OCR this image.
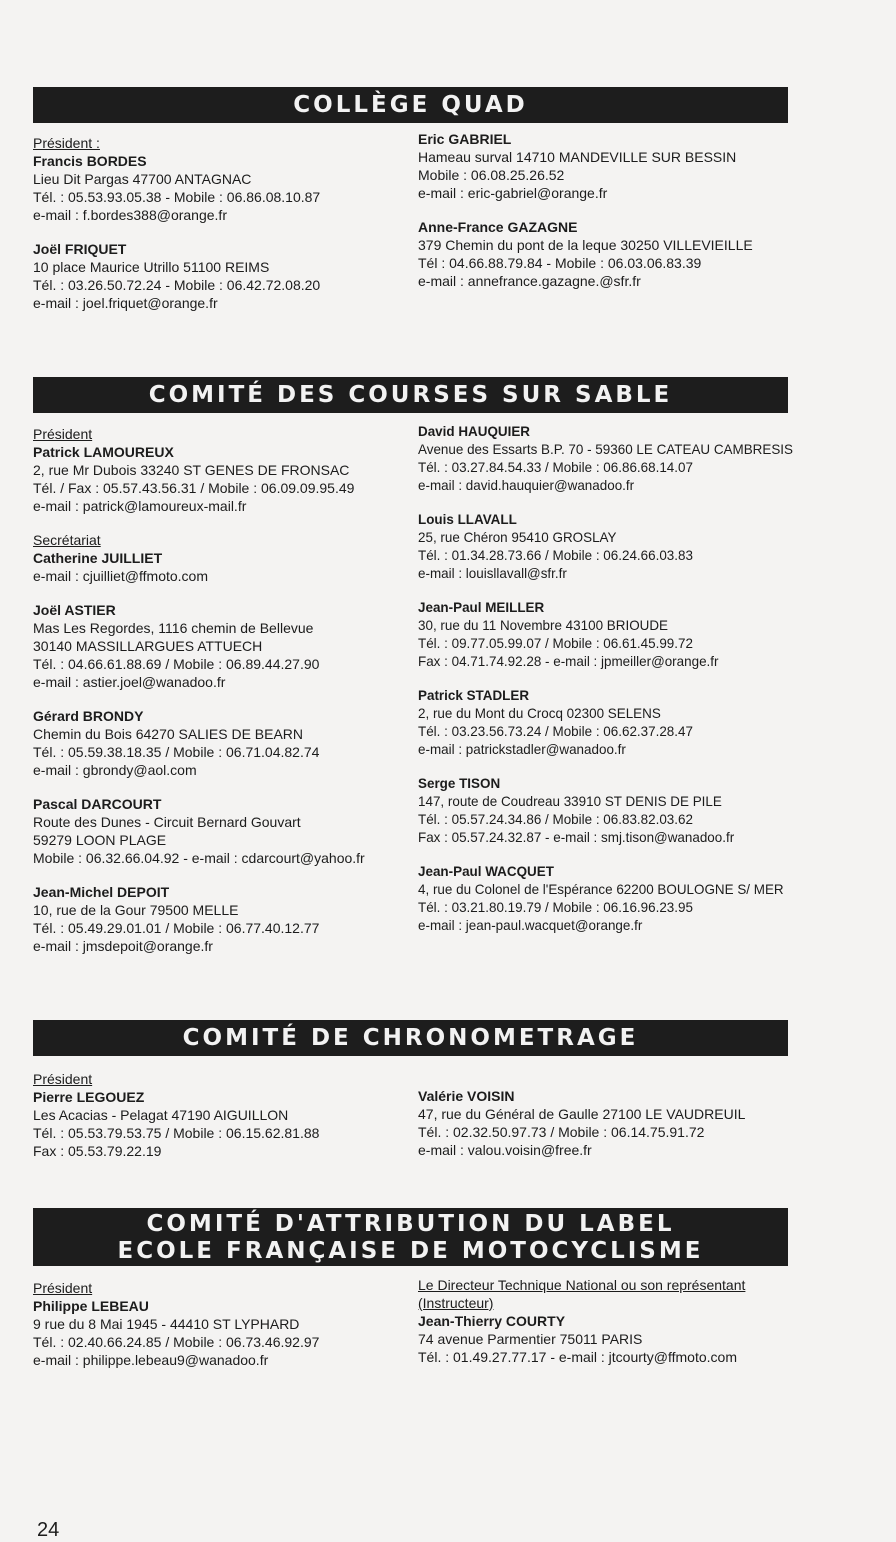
COLLÈGE QUAD
Président :
Francis BORDES
Lieu Dit Pargas 47700 ANTAGNAC
Tél. : 05.53.93.05.38 - Mobile : 06.86.08.10.87
e-mail : f.bordes388@orange.fr
Joël FRIQUET
10 place Maurice Utrillo 51100 REIMS
Tél. : 03.26.50.72.24 - Mobile : 06.42.72.08.20
e-mail : joel.friquet@orange.fr
Eric GABRIEL
Hameau surval 14710 MANDEVILLE SUR BESSIN
Mobile : 06.08.25.26.52
e-mail : eric-gabriel@orange.fr
Anne-France GAZAGNE
379 Chemin du pont de la leque 30250 VILLEVIEILLE
Tél : 04.66.88.79.84 - Mobile : 06.03.06.83.39
e-mail : annefrance.gazagne.@sfr.fr
COMITÉ DES COURSES SUR SABLE
Président
Patrick LAMOUREUX
2, rue Mr Dubois 33240 ST GENES DE FRONSAC
Tél. / Fax : 05.57.43.56.31 / Mobile : 06.09.09.95.49
e-mail : patrick@lamoureux-mail.fr
Secrétariat
Catherine JUILLIET
e-mail : cjuilliet@ffmoto.com
Joël ASTIER
Mas Les Regordes, 1116 chemin de Bellevue
30140 MASSILLARGUES ATTUECH
Tél. : 04.66.61.88.69 / Mobile : 06.89.44.27.90
e-mail : astier.joel@wanadoo.fr
Gérard BRONDY
Chemin du Bois 64270 SALIES DE BEARN
Tél. : 05.59.38.18.35 / Mobile : 06.71.04.82.74
e-mail : gbrondy@aol.com
Pascal DARCOURT
Route des Dunes - Circuit Bernard Gouvart
59279 LOON PLAGE
Mobile : 06.32.66.04.92 - e-mail : cdarcourt@yahoo.fr
Jean-Michel DEPOIT
10, rue de la Gour 79500 MELLE
Tél. : 05.49.29.01.01 / Mobile : 06.77.40.12.77
e-mail : jmsdepoit@orange.fr
David HAUQUIER
Avenue des Essarts B.P. 70 - 59360 LE CATEAU CAMBRESIS
Tél. : 03.27.84.54.33 / Mobile : 06.86.68.14.07
e-mail : david.hauquier@wanadoo.fr
Louis LLAVALL
25, rue Chéron 95410 GROSLAY
Tél. : 01.34.28.73.66 / Mobile : 06.24.66.03.83
e-mail : louisllavall@sfr.fr
Jean-Paul MEILLER
30, rue du 11 Novembre 43100 BRIOUDE
Tél. : 09.77.05.99.07 / Mobile : 06.61.45.99.72
Fax : 04.71.74.92.28 - e-mail : jpmeiller@orange.fr
Patrick STADLER
2, rue du Mont du Crocq 02300 SELENS
Tél. : 03.23.56.73.24 / Mobile : 06.62.37.28.47
e-mail : patrickstadler@wanadoo.fr
Serge TISON
147, route de Coudreau 33910 ST DENIS DE PILE
Tél. : 05.57.24.34.86 / Mobile : 06.83.82.03.62
Fax : 05.57.24.32.87 - e-mail : smj.tison@wanadoo.fr
Jean-Paul WACQUET
4, rue du Colonel de l'Espérance 62200 BOULOGNE S/ MER
Tél. : 03.21.80.19.79 / Mobile : 06.16.96.23.95
e-mail : jean-paul.wacquet@orange.fr
COMITÉ DE CHRONOMETRAGE
Président
Pierre LEGOUEZ
Les Acacias - Pelagat 47190 AIGUILLON
Tél. : 05.53.79.53.75 / Mobile : 06.15.62.81.88
Fax : 05.53.79.22.19
Valérie VOISIN
47, rue du Général de Gaulle 27100 LE VAUDREUIL
Tél. : 02.32.50.97.73 / Mobile : 06.14.75.91.72
e-mail : valou.voisin@free.fr
COMITÉ D'ATTRIBUTION DU LABEL
ECOLE FRANÇAISE DE MOTOCYCLISME
Président
Philippe LEBEAU
9 rue du 8 Mai 1945 - 44410 ST LYPHARD
Tél. : 02.40.66.24.85 / Mobile : 06.73.46.92.97
e-mail : philippe.lebeau9@wanadoo.fr
Le Directeur Technique National ou son représentant (Instructeur)
Jean-Thierry COURTY
74 avenue Parmentier 75011 PARIS
Tél. : 01.49.27.77.17 - e-mail : jtcourty@ffmoto.com
24
